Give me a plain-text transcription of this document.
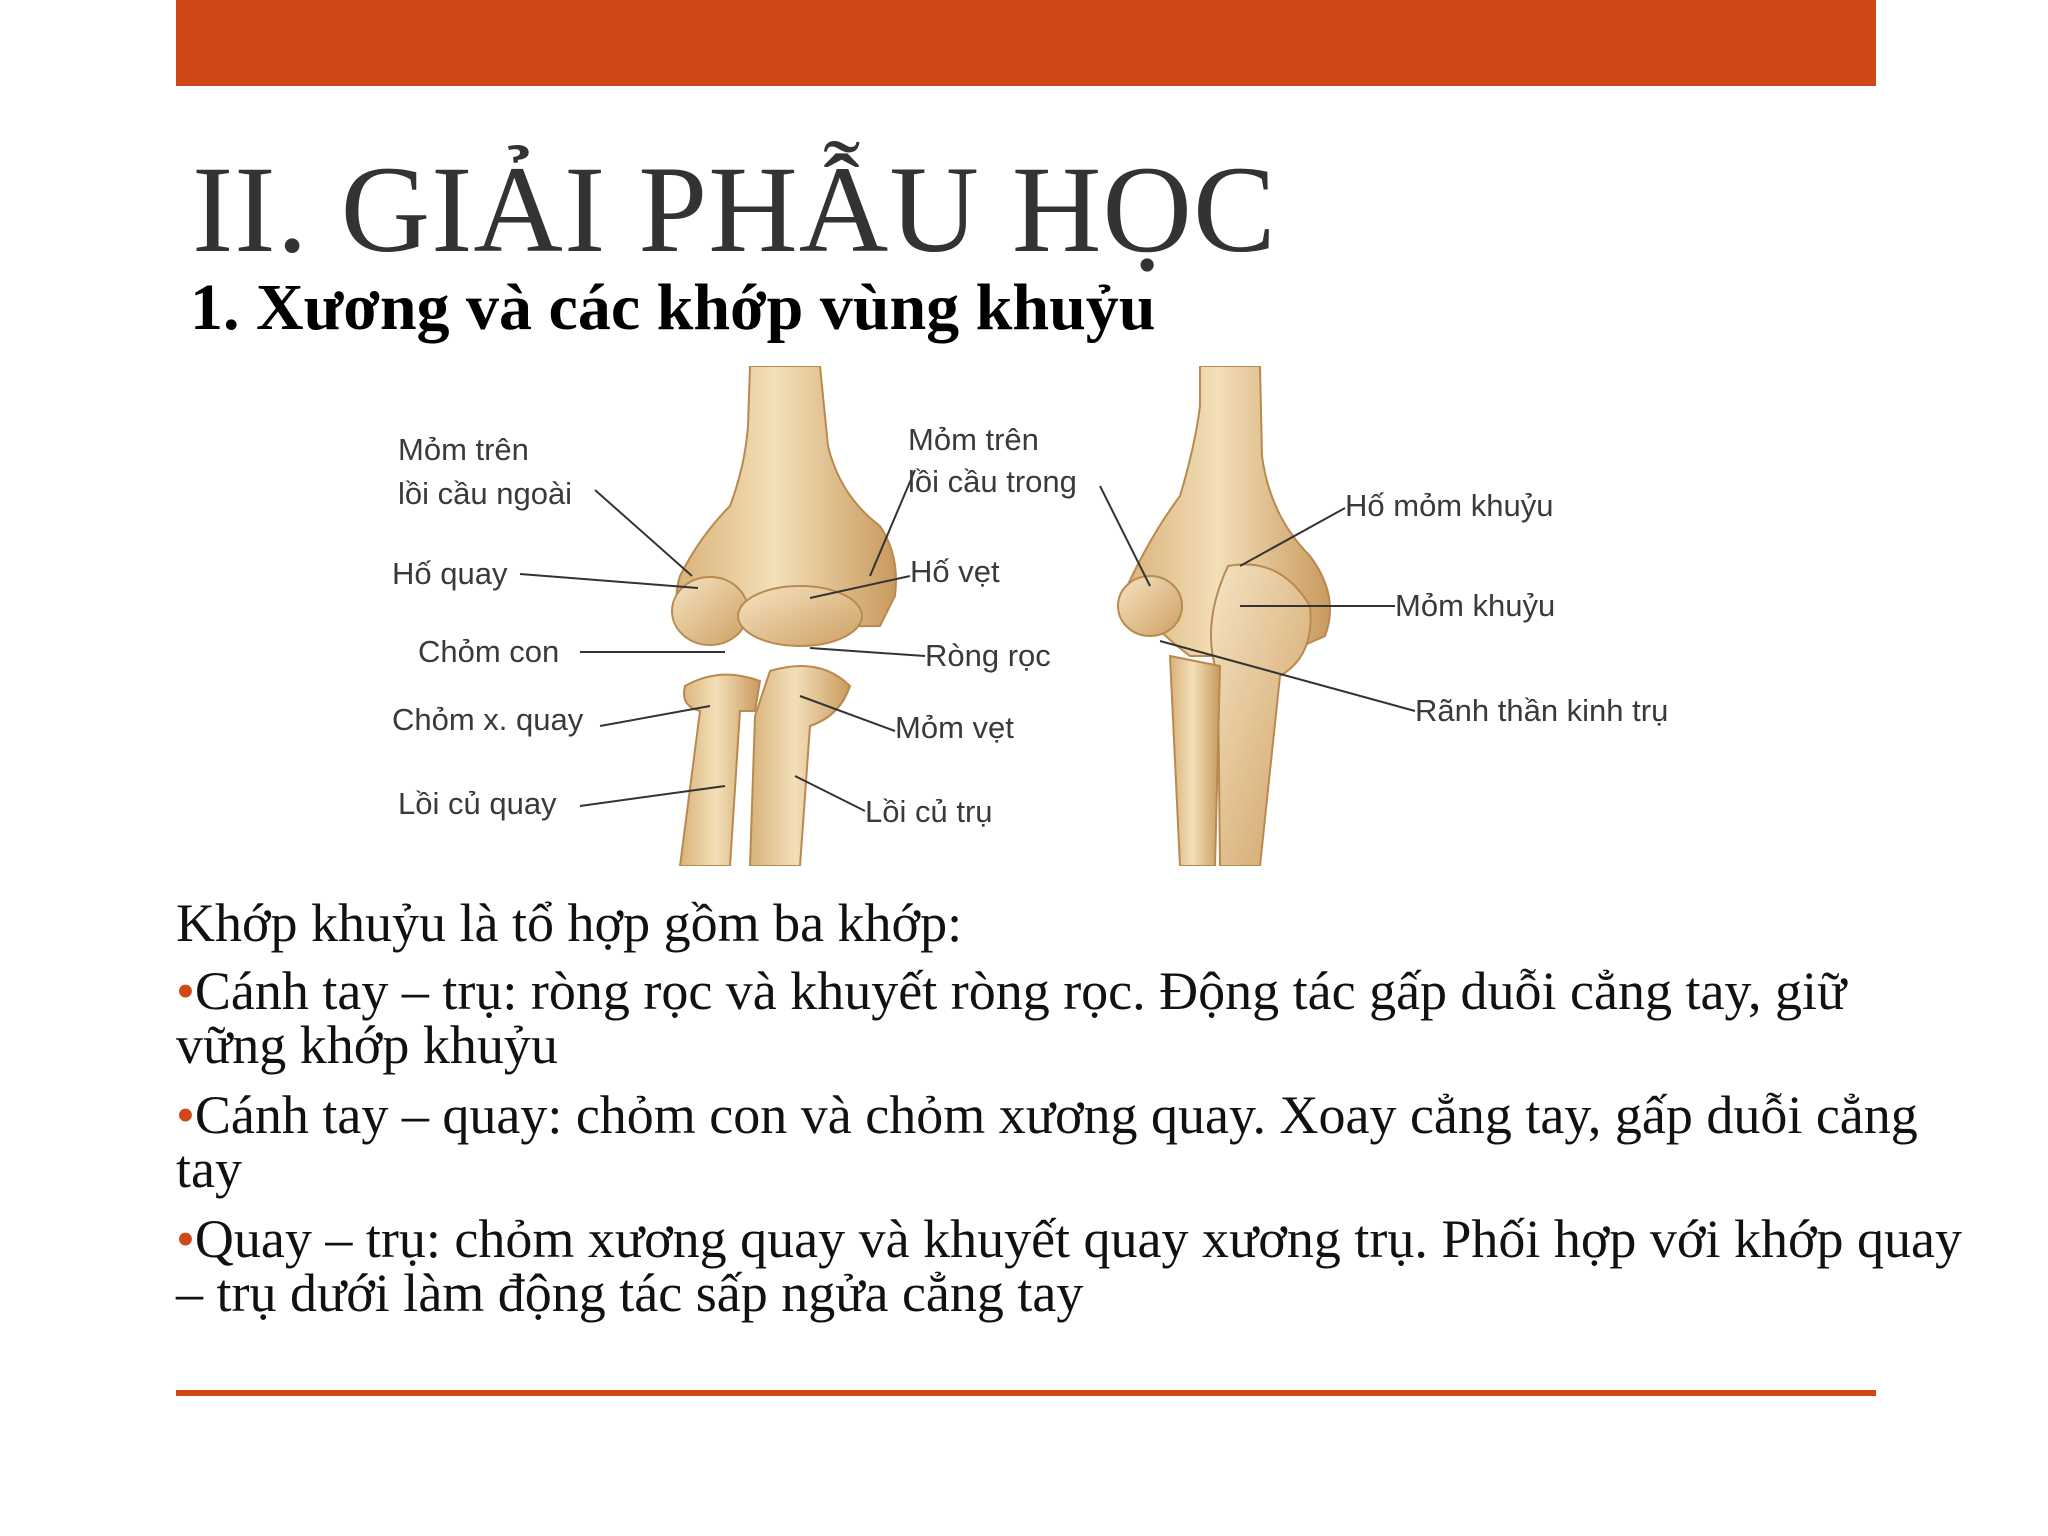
II. GIẢI PHẪU HỌC
1. Xương và các khớp vùng khuỷu
Mỏm trên
lồi cầu ngoài
Hố quay
Chỏm con
Chỏm x. quay
Lồi củ quay
Mỏm trên
lồi cầu trong
Hố vẹt
Ròng rọc
Mỏm vẹt
Lồi củ trụ
Hố mỏm khuỷu
Mỏm khuỷu
Rãnh thần kinh trụ
Khớp khuỷu là tổ hợp gồm ba khớp:
•Cánh tay – trụ: ròng rọc và khuyết ròng rọc. Động tác gấp duỗi cẳng tay, giữ vững khớp khuỷu
•Cánh tay – quay: chỏm con và chỏm xương quay. Xoay cẳng tay, gấp duỗi cẳng tay
•Quay – trụ: chỏm xương quay và khuyết quay xương trụ. Phối hợp với khớp quay – trụ dưới làm động tác sấp ngửa cẳng tay
